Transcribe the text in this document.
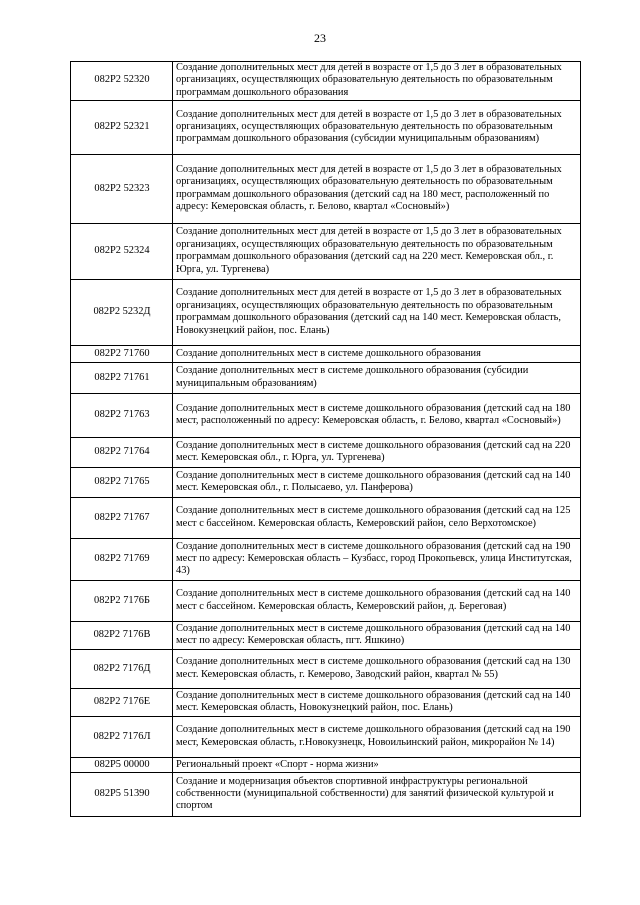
23
082P2 52320	Создание дополнительных мест для детей в возрасте от 1,5 до 3 лет в образовательных организациях, осуществляющих образовательную деятельность по образовательным программам дошкольного образования
082P2 52321	Создание дополнительных мест для детей в возрасте от 1,5 до 3 лет в образовательных организациях, осуществляющих образовательную деятельность по образовательным программам дошкольного образования (субсидии муниципальным образованиям)
082P2 52323	Создание дополнительных мест для детей в возрасте от 1,5 до 3 лет в образовательных организациях, осуществляющих образовательную деятельность по образовательным программам дошкольного образования (детский сад на 180 мест, расположенный по адресу: Кемеровская область, г. Белово, квартал «Сосновый»)
082P2 52324	Создание дополнительных мест для детей в возрасте от 1,5 до 3 лет в образовательных организациях, осуществляющих образовательную деятельность по образовательным программам дошкольного образования (детский сад на 220 мест. Кемеровская обл., г. Юрга, ул. Тургенева)
082P2 5232Д	Создание дополнительных мест для детей в возрасте от 1,5 до 3 лет в образовательных организациях, осуществляющих образовательную деятельность по образовательным программам дошкольного образования (детский сад на 140 мест. Кемеровская область, Новокузнецкий район, пос. Елань)
082P2 71760	Создание дополнительных мест в системе дошкольного образования
082P2 71761	Создание дополнительных мест в системе дошкольного образования (субсидии муниципальным образованиям)
082P2 71763	Создание дополнительных мест в системе дошкольного образования (детский сад на 180 мест, расположенный по адресу: Кемеровская область, г. Белово, квартал «Сосновый»)
082P2 71764	Создание дополнительных мест в системе дошкольного образования (детский сад на 220 мест. Кемеровская обл., г. Юрга, ул. Тургенева)
082P2 71765	Создание дополнительных мест в системе дошкольного образования (детский сад на 140 мест. Кемеровская обл., г. Полысаево, ул. Панферова)
082P2 71767	Создание дополнительных мест в системе дошкольного образования (детский сад на 125 мест с бассейном. Кемеровская область, Кемеровский район, село Верхотомское)
082P2 71769	Создание дополнительных мест в системе дошкольного образования (детский сад на 190 мест по адресу: Кемеровская область – Кузбасс, город Прокопьевск, улица Институтская, 43)
082P2 7176Б	Создание дополнительных мест в системе дошкольного образования (детский сад на 140 мест с бассейном. Кемеровская область, Кемеровский район, д. Береговая)
082P2 7176В	Создание дополнительных мест в системе дошкольного образования (детский сад на 140 мест по адресу: Кемеровская область, пгт. Яшкино)
082P2 7176Д	Создание дополнительных мест в системе дошкольного образования (детский сад на 130 мест. Кемеровская область, г. Кемерово, Заводский район, квартал № 55)
082P2 7176Е	Создание дополнительных мест в системе дошкольного образования (детский сад на 140 мест. Кемеровская область, Новокузнецкий район, пос. Елань)
082P2 7176Л	Создание дополнительных мест в системе дошкольного образования (детский сад на 190 мест, Кемеровская область, г.Новокузнецк, Новоильинский район, микрорайон № 14)
082P5 00000	Региональный проект «Спорт - норма жизни»
082P5 51390	Создание и модернизация объектов спортивной инфраструктуры региональной собственности (муниципальной собственности) для занятий физической культурой и спортом
